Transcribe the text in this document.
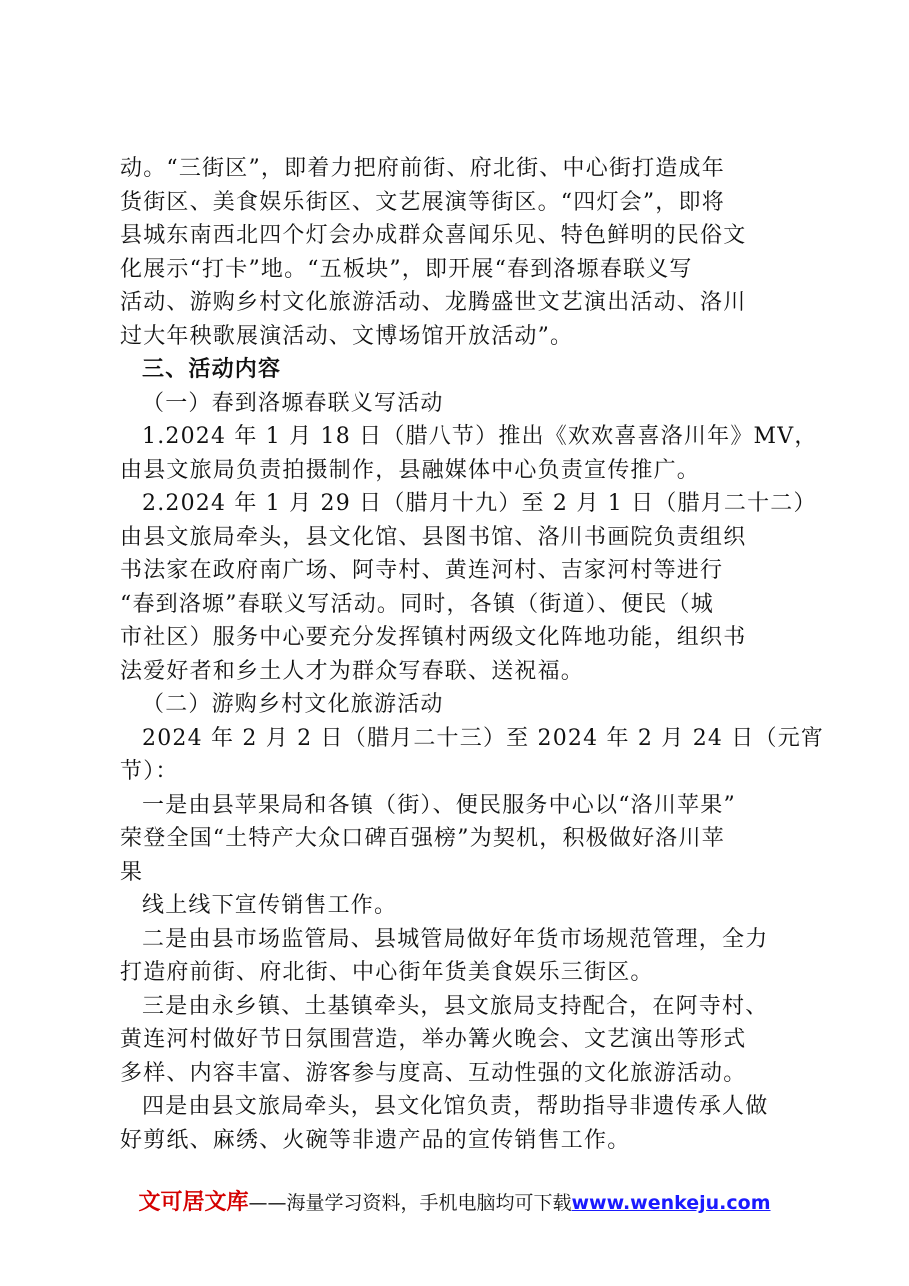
动。“三街区”，即着力把府前街、府北街、中心街打造成年
货街区、美食娱乐街区、文艺展演等街区。“四灯会”，即将
县城东南西北四个灯会办成群众喜闻乐见、特色鲜明的民俗文
化展示“打卡”地。“五板块”，即开展“春到洛塬春联义写
活动、游购乡村文化旅游活动、龙腾盛世文艺演出活动、洛川
过大年秧歌展演活动、文博场馆开放活动”。
三、活动内容
（一）春到洛塬春联义写活动
1.2024 年 1 月 18 日（腊八节）推出《欢欢喜喜洛川年》MV，
由县文旅局负责拍摄制作，县融媒体中心负责宣传推广。
2.2024 年 1 月 29 日（腊月十九）至 2 月 1 日（腊月二十二）
由县文旅局牵头，县文化馆、县图书馆、洛川书画院负责组织
书法家在政府南广场、阿寺村、黄连河村、吉家河村等进行
“春到洛塬”春联义写活动。同时，各镇（街道）、便民（城
市社区）服务中心要充分发挥镇村两级文化阵地功能，组织书
法爱好者和乡土人才为群众写春联、送祝福。
（二）游购乡村文化旅游活动
2024 年 2 月 2 日（腊月二十三）至 2024 年 2 月 24 日（元宵
节）：
一是由县苹果局和各镇（街）、便民服务中心以“洛川苹果”
荣登全国“土特产大众口碑百强榜”为契机，积极做好洛川苹
果
线上线下宣传销售工作。
二是由县市场监管局、县城管局做好年货市场规范管理，全力
打造府前街、府北街、中心街年货美食娱乐三街区。
三是由永乡镇、土基镇牵头，县文旅局支持配合，在阿寺村、
黄连河村做好节日氛围营造，举办篝火晚会、文艺演出等形式
多样、内容丰富、游客参与度高、互动性强的文化旅游活动。
四是由县文旅局牵头，县文化馆负责，帮助指导非遗传承人做
好剪纸、麻绣、火碗等非遗产品的宣传销售工作。
文可居文库——海量学习资料，手机电脑均可下载www.wenkeju.com
